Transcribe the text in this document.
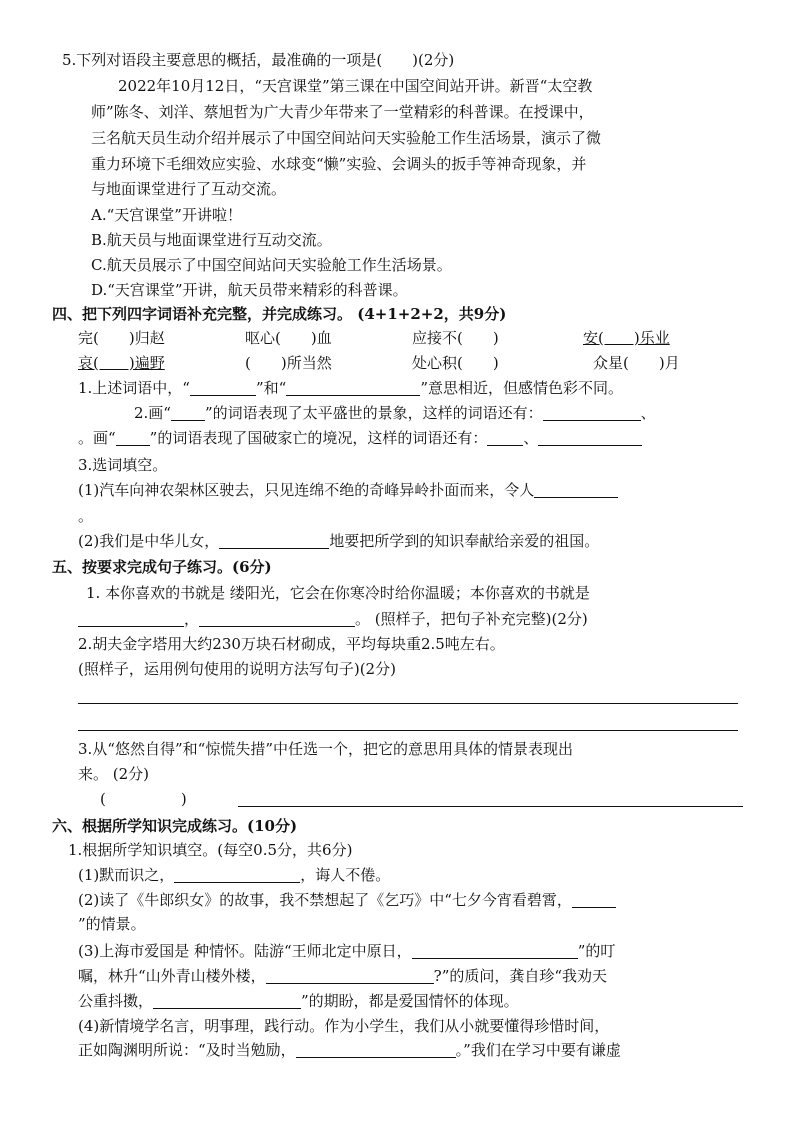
5.下列对语段主要意思的概括，最准确的一项是(　　)(2分)
2022年10月12日，“天宫课堂”第三课在中国空间站开讲。新晋“太空教
师”陈冬、刘洋、蔡旭哲为广大青少年带来了一堂精彩的科普课。在授课中，
三名航天员生动介绍并展示了中国空间站问天实验舱工作生活场景，演示了微
重力环境下毛细效应实验、水球变“懒”实验、会调头的扳手等神奇现象，并
与地面课堂进行了互动交流。
A.“天宫课堂”开讲啦！
B.航天员与地面课堂进行互动交流。
C.航天员展示了中国空间站问天实验舱工作生活场景。
D.“天宫课堂”开讲，航天员带来精彩的科普课。
四、把下列四字词语补充完整，并完成练习。 (4+1+2+2，共9分)
完(　　)归赵	呕心(　　)血	应接不(　　)	安(　　)乐业
哀(　　)遍野	(　　)所当然	处心积(　　)	众星(　　)月
1.上述词语中，“	”和“	”意思相近，但感情色彩不同。
2.画“ ”的词语表现了太平盛世的景象，这样的词语还有：	、
。画“ ”的词语表现了国破家亡的境况，这样的词语还有： 、
3.选词填空。
(1)汽车向神农架林区驶去，只见连绵不绝的奇峰异岭扑面而来，令人
。
(2)我们是中华儿女，	地要把所学到的知识奉献给亲爱的祖国。
五、按要求完成句子练习。(6分)
1. 本你喜欢的书就是 缕阳光，它会在你寒冷时给你温暖；本你喜欢的书就是
，	。 (照样子，把句子补充完整)(2分)
2.胡夫金字塔用大约230万块石材砌成，平均每块重2.5吨左右。
(照样子，运用例句使用的说明方法写句子)(2分)
3.从“悠然自得”和“惊慌失措”中任选一个，把它的意思用具体的情景表现出
来。 (2分)
(　　　　　)
六、根据所学知识完成练习。(10分)
1.根据所学知识填空。(每空0.5分，共6分)
(1)默而识之，	，诲人不倦。
(2)读了《牛郎织女》的故事，我不禁想起了《乞巧》中“七夕今宵看碧霄，
”的情景。
(3)上海市爱国是 种情怀。陆游“王师北定中原日，	”的叮
嘱，林升“山外青山楼外楼，	?”的质问，龚自珍“我劝天
公重抖擞，	”的期盼，都是爱国情怀的体现。
(4)新情境学名言，明事理，践行动。作为小学生，我们从小就要懂得珍惜时间，
正如陶渊明所说：“及时当勉励，	。”我们在学习中要有谦虚
